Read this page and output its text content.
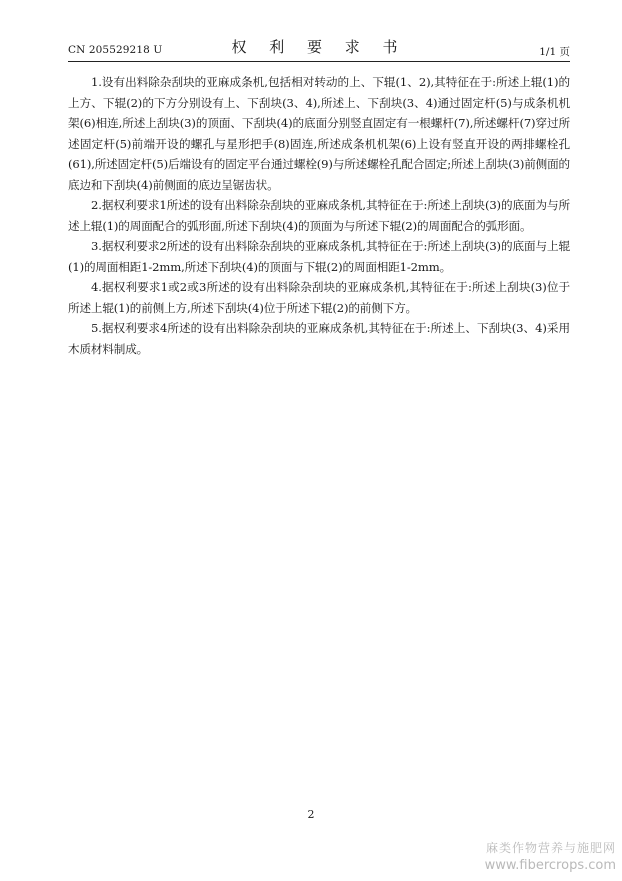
CN 205529218 U	权 利 要 求 书	1/1 页

1.设有出料除杂刮块的亚麻成条机,包括相对转动的上、下辊(1、2),其特征在于:所述上辊(1)的上方、下辊(2)的下方分别设有上、下刮块(3、4),所述上、下刮块(3、4)通过固定杆(5)与成条机机架(6)相连,所述上刮块(3)的顶面、下刮块(4)的底面分别竖直固定有一根螺杆(7),所述螺杆(7)穿过所述固定杆(5)前端开设的螺孔与星形把手(8)固连,所述成条机机架(6)上设有竖直开设的两排螺栓孔(61),所述固定杆(5)后端设有的固定平台通过螺栓(9)与所述螺栓孔配合固定;所述上刮块(3)前侧面的底边和下刮块(4)前侧面的底边呈锯齿状。

2.据权利要求1所述的设有出料除杂刮块的亚麻成条机,其特征在于:所述上刮块(3)的底面为与所述上辊(1)的周面配合的弧形面,所述下刮块(4)的顶面为与所述下辊(2)的周面配合的弧形面。

3.据权利要求2所述的设有出料除杂刮块的亚麻成条机,其特征在于:所述上刮块(3)的底面与上辊(1)的周面相距1-2mm,所述下刮块(4)的顶面与下辊(2)的周面相距1-2mm。

4.据权利要求1或2或3所述的设有出料除杂刮块的亚麻成条机,其特征在于:所述上刮块(3)位于所述上辊(1)的前侧上方,所述下刮块(4)位于所述下辊(2)的前侧下方。

5.据权利要求4所述的设有出料除杂刮块的亚麻成条机,其特征在于:所述上、下刮块(3、4)采用木质材料制成。

2
麻类作物营养与施肥网
www.fibercrops.com
